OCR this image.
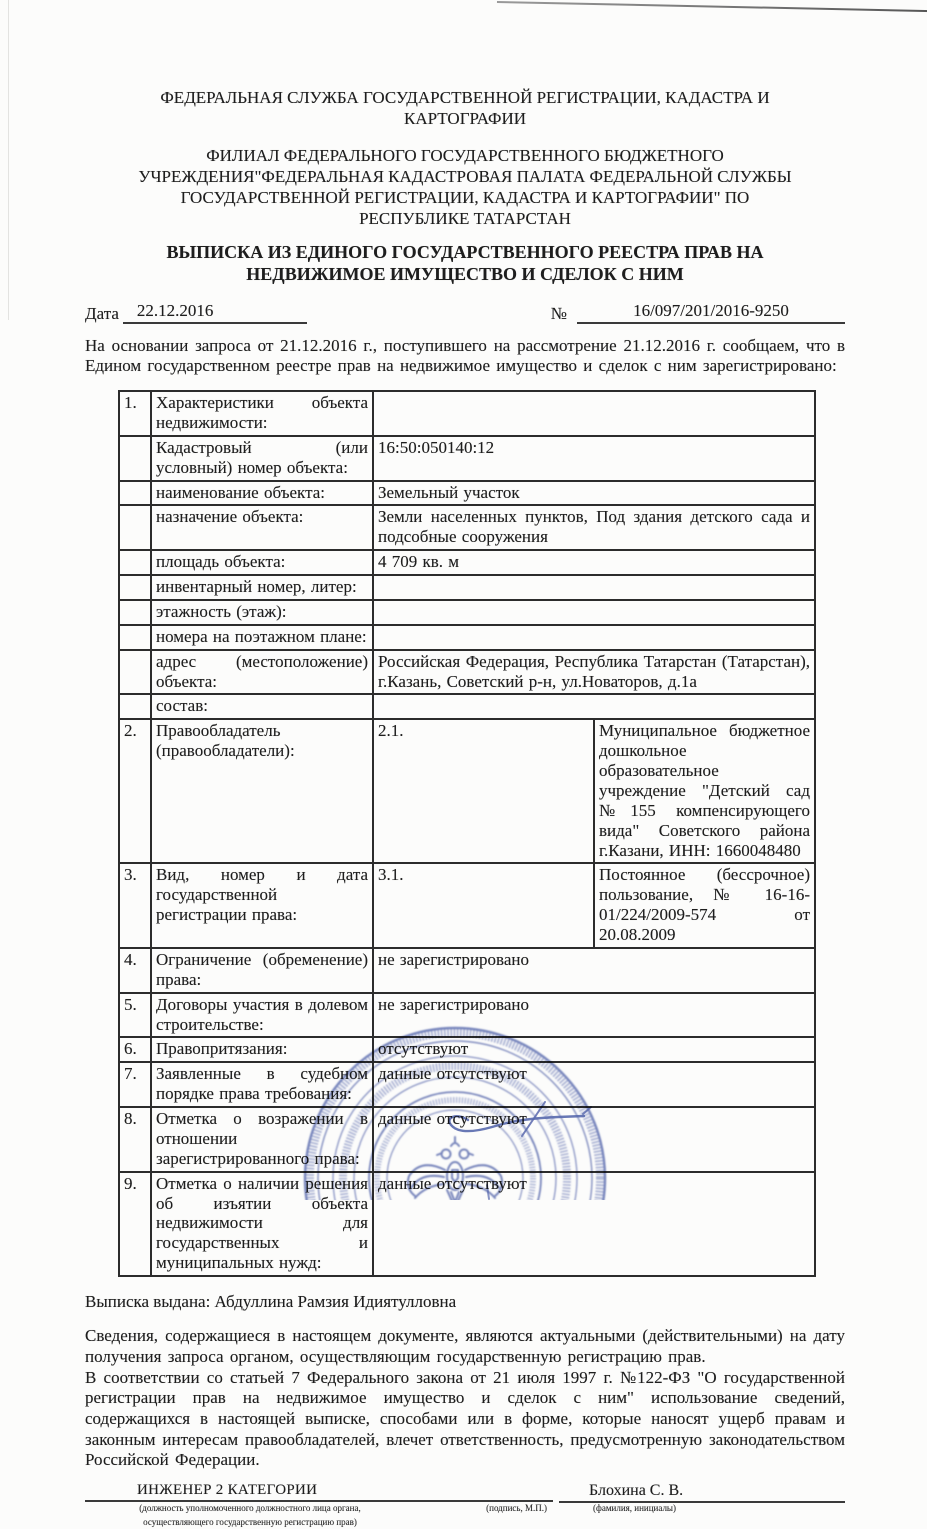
ФЕДЕРАЛЬНАЯ СЛУЖБА ГОСУДАРСТВЕННОЙ РЕГИСТРАЦИИ, КАДАСТРА И КАРТОГРАФИИ
ФИЛИАЛ ФЕДЕРАЛЬНОГО ГОСУДАРСТВЕННОГО БЮДЖЕТНОГО УЧРЕЖДЕНИЯ"ФЕДЕРАЛЬНАЯ КАДАСТРОВАЯ ПАЛАТА ФЕДЕРАЛЬНОЙ СЛУЖБЫ ГОСУДАРСТВЕННОЙ РЕГИСТРАЦИИ, КАДАСТРА И КАРТОГРАФИИ" ПО РЕСПУБЛИКЕ ТАТАРСТАН
ВЫПИСКА ИЗ ЕДИНОГО ГОСУДАРСТВЕННОГО РЕЕСТРА ПРАВ НА НЕДВИЖИМОЕ ИМУЩЕСТВО И СДЕЛОК С НИМ
Дата	22.12.2016	№	16/097/201/2016-9250

На основании запроса от 21.12.2016 г., поступившего на рассмотрение 21.12.2016 г. сообщаем, что в Едином государственном реестре прав на недвижимое имущество и сделок с ним зарегистрировано:

1.	Характеристики объекта недвижимости:		
	Кадастровый (или условный) номер объекта:	16:50:050140:12	
	наименование объекта:	Земельный участок	
	назначение объекта:	Земли населенных пунктов, Под здания детского сада и подсобные сооружения	
	площадь объекта:	4 709 кв. м	
	инвентарный номер, литер:		
	этажность (этаж):		
	номера на поэтажном плане:		
	адрес (местоположение) объекта:	Российская Федерация, Республика Татарстан (Татарстан), г.Казань, Советский р-н, ул.Новаторов, д.1а	
	состав:		
2.	Правообладатель (правообладатели):	2.1.	Муниципальное бюджетное дошкольное образовательное учреждение "Детский сад №155 компенсирующего вида" Советского района г.Казани, ИНН: 1660048480
3.	Вид, номер и дата государственной регистрации права:	3.1.	Постоянное (бессрочное) пользование, № 16-16-01/224/2009-574 от 20.08.2009
4.	Ограничение (обременение) права:	не зарегистрировано	
5.	Договоры участия в долевом строительстве:	не зарегистрировано	
6.	Правопритязания:	отсутствуют	
7.	Заявленные в судебном порядке права требования:	данные отсутствуют	
8.	Отметка о возражении в отношении зарегистрированного права:	данные отсутствуют	
9.	Отметка о наличии решения об изъятии объекта недвижимости для государственных и муниципальных нужд:	данные отсутствуют	
Выписка выдана: Абдуллина Рамзия Идиятулловна

Сведения, содержащиеся в настоящем документе, являются актуальными (действительными) на дату получения запроса органом, осуществляющим государственную регистрацию прав.

В соответствии со статьей 7 Федерального закона от 21 июля 1997 г. №122-ФЗ "О государственной регистрации прав на недвижимое имущество и сделок с ним" использование сведений, содержащихся в настоящей выписке, способами или в форме, которые наносят ущерб правам и законным интересам правообладателей, влечет ответственность, предусмотренную законодательством Российской Федерации.

ИНЖЕНЕР 2 КАТЕГОРИИ
(должность уполномоченного должностного лица органа,
осуществляющего государственную регистрацию прав)
(подпись, М.П.)
Блохина С. В.
(фамилия, инициалы)
